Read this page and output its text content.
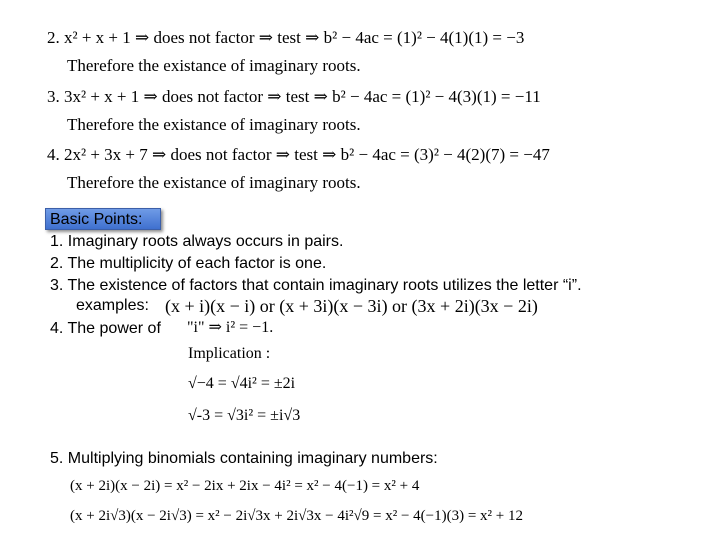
2. x² + x + 1 ⇒ does not factor ⇒ test ⇒ b² − 4ac = (1)² − 4(1)(1) = −3
Therefore the existance of imaginary roots.
3. 3x² + x + 1 ⇒ does not factor ⇒ test ⇒ b² − 4ac = (1)² − 4(3)(1) = −11
Therefore the existance of imaginary roots.
4. 2x² + 3x + 7 ⇒ does not factor ⇒ test ⇒ b² − 4ac = (3)² − 4(2)(7) = −47
Therefore the existance of imaginary roots.
Basic Points:
1. Imaginary roots always occurs in pairs.
2. The multiplicity of each factor is one.
3. The existence of factors that contain imaginary roots utilizes the letter “i”.
examples: (x + i)(x − i) or (x + 3i)(x − 3i) or (3x + 2i)(3x − 2i)
4. The power of "i" ⇒ i² = −1.
Implication :
√−4 = √4i² = ±2i
√-3 = √3i² = ±i√3
5. Multiplying binomials containing imaginary numbers:
(x + 2i)(x − 2i) = x² − 2ix + 2ix − 4i² = x² − 4(−1) = x² + 4
(x + 2i√3)(x − 2i√3) = x² − 2i√3x + 2i√3x − 4i²√9 = x² − 4(−1)(3) = x² + 12
